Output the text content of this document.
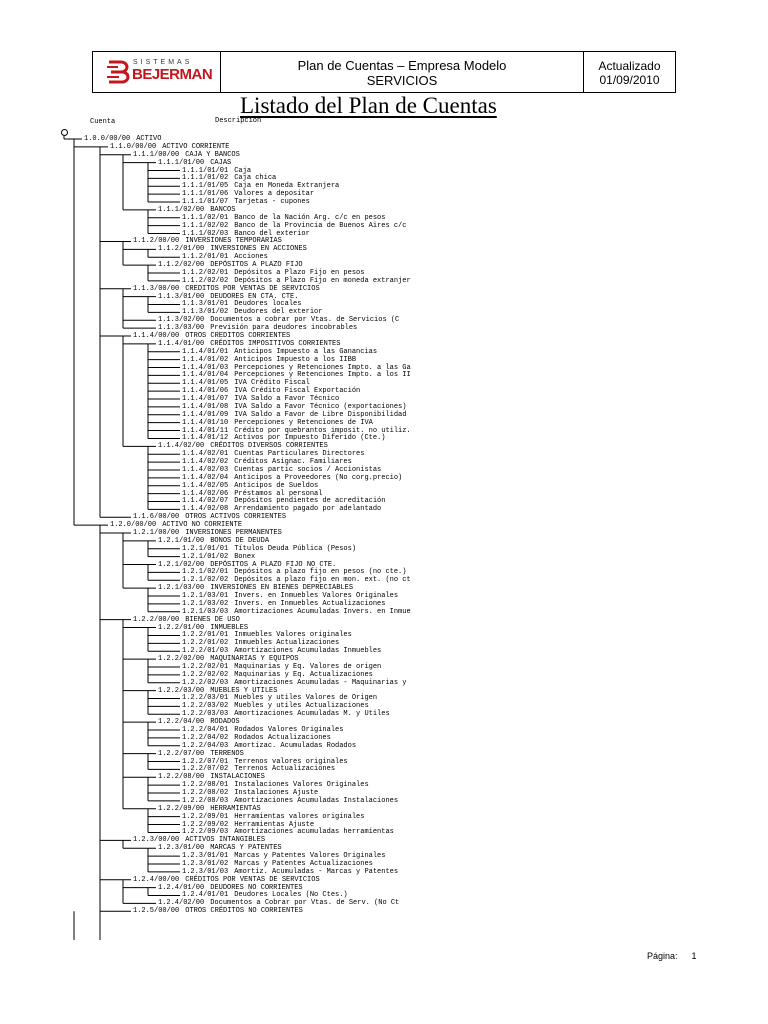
SISTEMAS
BEJERMAN
Plan de Cuentas – Empresa Modelo
SERVICIOS
Actualizado
01/09/2010
Listado del Plan de Cuentas
Cuenta	Descripción
1.0.0/00/00 ACTIVO
1.1.0/00/00 ACTIVO CORRIENTE
1.1.1/00/00 CAJA Y BANCOS
1.1.1/01/00 CAJAS
1.1.1/01/01 Caja
1.1.1/01/02 Caja chica
1.1.1/01/05 Caja en Moneda Extranjera
1.1.1/01/06 Valores a depositar
1.1.1/01/07 Tarjetas - cupones
1.1.1/02/00 BANCOS
1.1.1/02/01 Banco de la Nación Arg. c/c en pesos
1.1.1/02/02 Banco de la Provincia de Buenos Aires c/c
1.1.1/02/03 Banco del exterior
1.1.2/00/00 INVERSIONES TEMPORARIAS
1.1.2/01/00 INVERSIONES EN ACCIONES
1.1.2/01/01 Acciones
1.1.2/02/00 DEPÓSITOS A PLAZO FIJO
1.1.2/02/01 Depósitos a Plazo Fijo en pesos
1.1.2/02/02 Depósitos a Plazo Fijo en moneda extranjer
1.1.3/00/00 CREDITOS POR VENTAS DE SERVICIOS
1.1.3/01/00 DEUDORES EN CTA. CTE.
1.1.3/01/01 Deudores locales
1.1.3/01/02 Deudores del exterior
1.1.3/02/00 Documentos a cobrar por Vtas. de Servicios (C
1.1.3/03/00 Previsión para deudores incobrables
1.1.4/00/00 OTROS CREDITOS CORRIENTES
1.1.4/01/00 CRÉDITOS IMPOSITIVOS CORRIENTES
1.1.4/01/01 Anticipos Impuesto a las Ganancias
1.1.4/01/02 Anticipos Impuesto a los IIBB
1.1.4/01/03 Percepciones y Retenciones Impto. a las Ga
1.1.4/01/04 Percepciones y Retenciones Impto. a los II
1.1.4/01/05 IVA Crédito Fiscal
1.1.4/01/06 IVA Crédito Fiscal Exportación
1.1.4/01/07 IVA Saldo a Favor Técnico
1.1.4/01/08 IVA Saldo a Favor Técnico (exportaciones)
1.1.4/01/09 IVA Saldo a Favor de Libre Disponibilidad
1.1.4/01/10 Percepciones y Retenciones de IVA
1.1.4/01/11 Crédito por quebrantos imposit. no utiliz.
1.1.4/01/12 Activos por Impuesto Diferido (Cte.)
1.1.4/02/00 CRÉDITOS DIVERSOS CORRIENTES
1.1.4/02/01 Cuentas Particulares Directores
1.1.4/02/02 Créditos Asignac. Familiares
1.1.4/02/03 Cuentas partic socios / Accionistas
1.1.4/02/04 Anticipos a Proveedores (No corg.precio)
1.1.4/02/05 Anticipos de Sueldos
1.1.4/02/06 Préstamos al personal
1.1.4/02/07 Depósitos pendientes de acreditación
1.1.4/02/08 Arrendamiento pagado por adelantado
1.1.6/00/00 OTROS ACTIVOS CORRIENTES
1.2.0/00/00 ACTIVO NO CORRIENTE
1.2.1/00/00 INVERSIONES PERMANENTES
1.2.1/01/00 BONOS DE DEUDA
1.2.1/01/01 Títulos Deuda Pública (Pesos)
1.2.1/01/02 Bonex
1.2.1/02/00 DEPÓSITOS A PLAZO FIJO NO CTE.
1.2.1/02/01 Depósitos a plazo fijo en pesos (no cte.)
1.2.1/02/02 Depósitos a plazo fijo en mon. ext. (no ct
1.2.1/03/00 INVERSIONES EN BIENES DEPRECIABLES
1.2.1/03/01 Invers. en Inmuebles Valores Originales
1.2.1/03/02 Invers. en Inmuebles Actualizaciones
1.2.1/03/03 Amortizaciones Acumuladas Invers. en Inmue
1.2.2/00/00 BIENES DE USO
1.2.2/01/00 INMUEBLES
1.2.2/01/01 Inmuebles Valores originales
1.2.2/01/02 Inmuebles Actualizaciones
1.2.2/01/03 Amortizaciones Acumuladas Inmuebles
1.2.2/02/00 MAQUINARIAS Y EQUIPOS
1.2.2/02/01 Maquinarias y Eq. Valores de origen
1.2.2/02/02 Maquinarias y Eq. Actualizaciones
1.2.2/02/03 Amortizaciones Acumuladas - Maquinarias y
1.2.2/03/00 MUEBLES Y UTILES
1.2.2/03/01 Muebles y utiles Valores de Origen
1.2.2/03/02 Muebles y utiles Actualizaciones
1.2.2/03/03 Amortizaciones Acumuladas M. y Utiles
1.2.2/04/00 RODADOS
1.2.2/04/01 Rodados Valores Originales
1.2.2/04/02 Rodados Actualizaciones
1.2.2/04/03 Amortizac. Acumuladas Rodados
1.2.2/07/00 TERRENOS
1.2.2/07/01 Terrenos valores originales
1.2.2/07/02 Terrenos Actualizaciones
1.2.2/08/00 INSTALACIONES
1.2.2/08/01 Instalaciones Valores Originales
1.2.2/08/02 Instalaciones Ajuste
1.2.2/08/03 Amortizaciones Acumuladas Instalaciones
1.2.2/09/00 HERRAMIENTAS
1.2.2/09/01 Herramientas valores originales
1.2.2/09/02 Herramientas Ajuste
1.2.2/09/03 Amortizaciones acumuladas herramientas
1.2.3/00/00 ACTIVOS INTANGIBLES
1.2.3/01/00 MARCAS Y PATENTES
1.2.3/01/01 Marcas y Patentes Valores Originales
1.2.3/01/02 Marcas y Patentes Actualizaciones
1.2.3/01/03 Amortiz. Acumuladas - Marcas y Patentes
1.2.4/00/00 CRÉDITOS POR VENTAS DE SERVICIOS
1.2.4/01/00 DEUDORES NO CORRIENTES
1.2.4/01/01 Deudores Locales (No Ctes.)
1.2.4/02/00 Documentos a Cobrar por Vtas. de Serv. (No Ct
1.2.5/00/00 OTROS CRÉDITOS NO CORRIENTES
Página: 1
